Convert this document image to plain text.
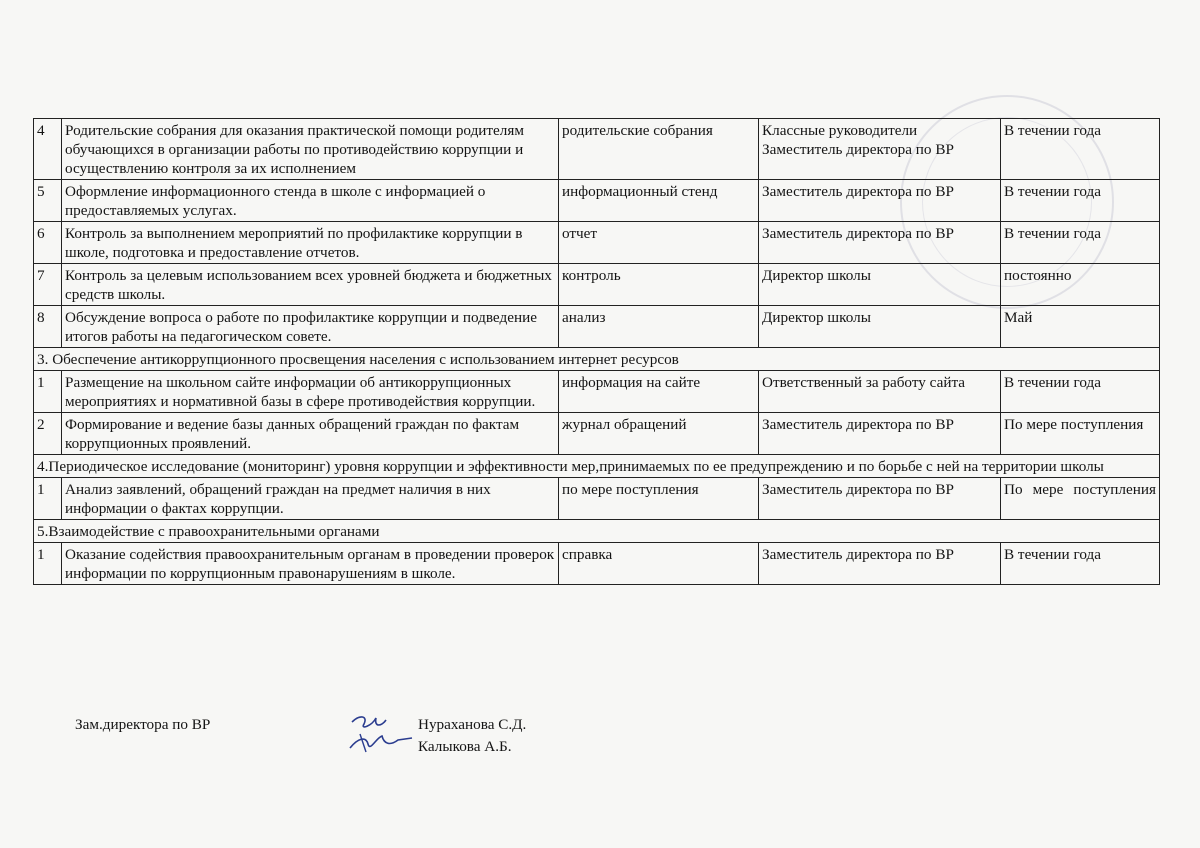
4	Родительские собрания для оказания практической помощи родителям обучающихся в организации работы по противодействию коррупции и осуществлению контроля за их исполнением	родительские собрания	Классные руководители Заместитель директора по ВР	В течении года
5	Оформление информационного стенда в школе с информацией о предоставляемых услугах.	информационный стенд	Заместитель директора по ВР	В течении года
6	Контроль за выполнением мероприятий по профилактике коррупции в школе, подготовка и предоставление отчетов.	отчет	Заместитель директора по ВР	В течении года
7	Контроль за целевым использованием всех уровней бюджета и бюджетных средств школы.	контроль	Директор школы	постоянно
8	Обсуждение вопроса о работе по профилактике коррупции и подведение итогов работы на педагогическом совете.	анализ	Директор школы	Май
3. Обеспечение антикоррупционного просвещения населения с использованием интернет ресурсов				
1	Размещение на школьном сайте информации об антикоррупционных мероприятиях и нормативной базы в сфере противодействия коррупции.	информация на сайте	Ответственный за работу сайта	В течении года
2	Формирование и ведение базы данных обращений граждан по фактам коррупционных проявлений.	журнал обращений	Заместитель директора по ВР	По мере поступления
4.Периодическое исследование (мониторинг) уровня коррупции и эффективности мер,принимаемых по ее предупреждению и по борьбе с ней на территории школы				
1	Анализ заявлений, обращений граждан на предмет наличия в них информации о фактах коррупции.	по мере поступления	Заместитель директора по ВР	По мере поступления
5.Взаимодействие с правоохранительными органами				
1	Оказание содействия правоохранительным органам в проведении проверок информации по коррупционным правонарушениям в школе.	справка	Заместитель директора по ВР	В течении года
Зам.директора по ВР	Нураханова С.Д.
Калыкова А.Б.
